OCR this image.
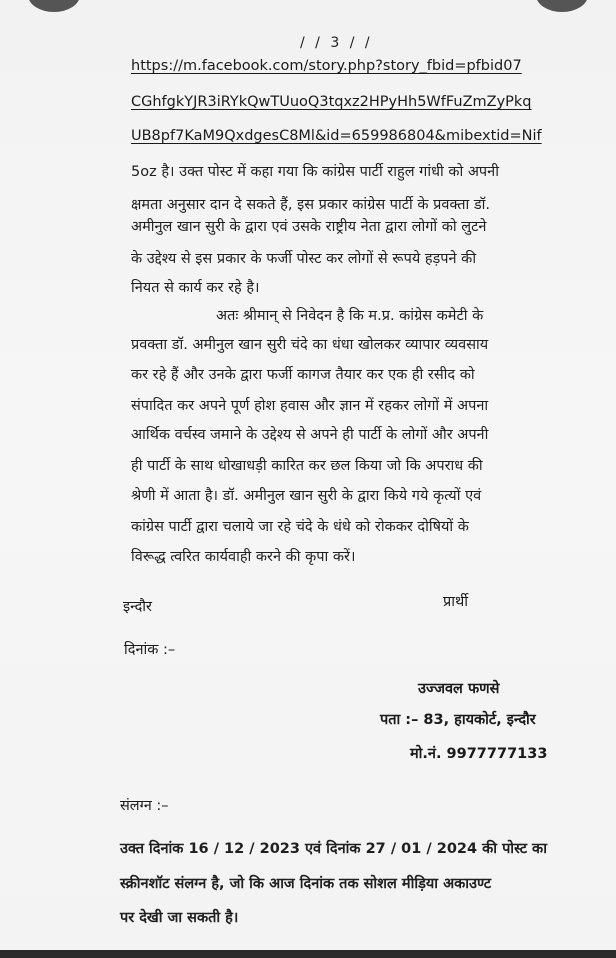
/ / 3 / /
https://m.facebook.com/story.php?story_fbid=pfbid07
CGhfgkYJR3iRYkQwTUuoQ3tqxz2HPyHh5WfFuZmZyPkq
UB8pf7KaM9QxdgesC8Ml&id=659986804&mibextid=Nif
5oz है। उक्त पोस्ट में कहा गया कि कांग्रेस पार्टी राहुल गांधी को अपनी
क्षमता अनुसार दान दे सकते हैं, इस प्रकार कांग्रेस पार्टी के प्रवक्ता डॉ.
अमीनुल खान सुरी के द्वारा एवं उसके राष्ट्रीय नेता द्वारा लोगों को लुटने
के उद्देश्य से इस प्रकार के फर्जी पोस्ट कर लोगों से रूपये हड़पने की
नियत से कार्य कर रहे है।
अतः श्रीमान् से निवेदन है कि म.प्र. कांग्रेस कमेटी के
प्रवक्ता डॉ. अमीनुल खान सुरी चंदे का धंधा खोलकर व्यापार व्यवसाय
कर रहे हैं और उनके द्वारा फर्जी कागज तैयार कर एक ही रसीद को
संपादित कर अपने पूर्ण होश हवास और ज्ञान में रहकर लोगों में अपना
आर्थिक वर्चस्व जमाने के उद्देश्य से अपने ही पार्टी के लोगों और अपनी
ही पार्टी के साथ धोखाधड़ी कारित कर छल किया जो कि अपराध की
श्रेणी में आता है। डॉ. अमीनुल खान सुरी के द्वारा किये गये कृत्यों एवं
कांग्रेस पार्टी द्वारा चलाये जा रहे चंदे के धंधे को रोककर दोषियों के
विरूद्ध त्वरित कार्यवाही करने की कृपा करें।
इन्दौर	प्रार्थी
दिनांक :–
उज्जवल फणसे
पता :– 83, हायकोर्ट, इन्दौर
मो.नं. 9977777133
संलग्न :–
उक्त दिनांक 16 / 12 / 2023 एवं दिनांक 27 / 01 / 2024 की पोस्ट का
स्क्रीनशॉट संलग्न है, जो कि आज दिनांक तक सोशल मीड़िया अकाउण्ट
पर देखी जा सकती है।
